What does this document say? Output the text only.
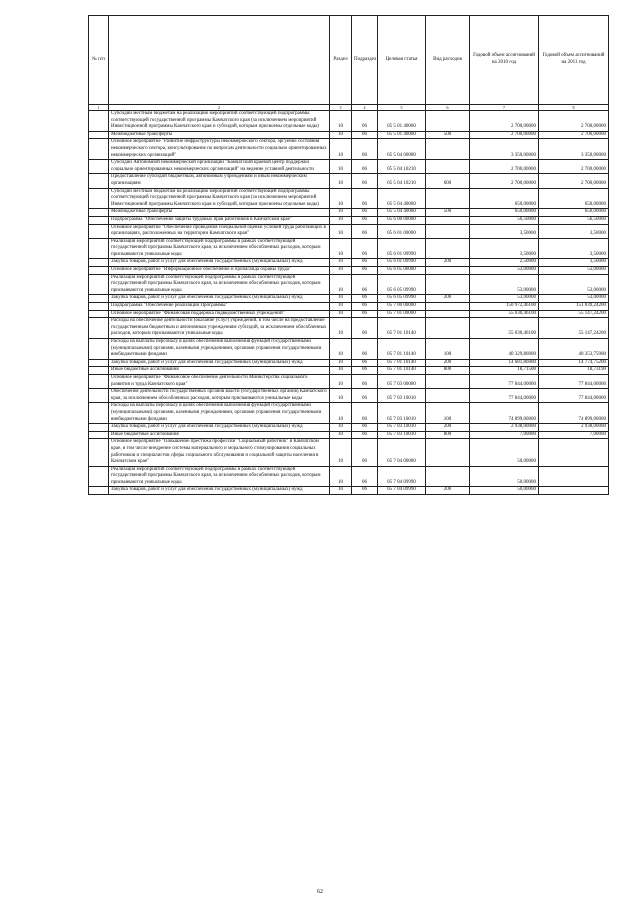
№ п/п		Раздел	Подраздел	Целевая статья	Вид расходов	Годовой объем ассигнований на 2010 год	Годовой объем ассигнований на 2011 год
1	2	3	4	5	6	7	8
	Субсидии местным бюджетам на реализацию мероприятий соответствующей подпрограммы соответствующей государственной программы Камчатского края (за исключением мероприятий Инвестиционной программы Камчатского края и субсидий, которым присвоены отдельные коды)	10	06	05 5 01 40060		2 700,00000	2 700,00000
	Межбюджетные трансферты	10	06	05 5 01 40060	500	2 700,00000	2 700,00000
	Основное мероприятие "Развитие инфраструктуры некоммерческого сектора, эргуе​ние состояния некоммерческого сектора, консультирование по вопросам деятельности социально ориентированных некоммерческих организаций"	10	06	05 5 04 00000		3 350,00000	3 350,00000
	Субсидии Автономной некоммерческой организации "Камчатский краевой центр поддержки социально ориентированных некоммерческих организаций" на ведение уставной деятельности	10	06	05 5 04 10210		2 700,00000	2 700,00000
	Предоставление субсидий бюджетным, автономным учреждениям и иным некоммерческим организациям	10	06	05 5 04 10210	600	2 700,00000	2 700,00000
	Субсидии местным бюджетам на реализацию мероприятий соответствующей подпрограммы соответствующей государственной программы Камчатского края (за исключением мероприятий Инвестиционной программы Камчатского края и субсидий, которым присвоены отдельные коды)	10	06	05 5 04 40060		650,00000	650,00000
	Межбюджетные трансферты	10	06	05 5 04 40060	500	650,00000	650,00000
	Подпрограмма "Обеспечение защиты трудовых прав работников в Камчатском крае"	10	06	05 6 00 00000		56,50000	56,50000
	Основное мероприятие "Обеспечение проведения специальной оценки условий труда работающих в организациях, расположенных на территории Камчатского края"	10	06	05 6 01 00000		3,50000	3,50000
	Реализация мероприятий соответствующей подпрограммы в рамках соответствующей государственной программы Камчатского края, за исключением обособленных расходов, которым присваиваются уникальные коды	10	06	05 6 01 09990		3,50000	3,50000
	Закупка товаров, работ и услуг для обеспечения государственных (муниципальных) нужд	10	06	05 6 01 09990	200	2,50000	3,50000
	Основное мероприятие "Информационное обеспечение и пропаганда охраны труда"	10	06	05 6 05 00000		53,00000	53,00000
	Реализация мероприятий соответствующей подпрограммы в рамках соответствующей государственной программы Камчатского края, за исключением обособленных расходов, которым присваиваются уникальные коды	10	06	05 6 05 09990		53,00000	53,00000
	Закупка товаров, работ и услуг для обеспечения государственных (муниципальных) нужд	10	06	05 6 05 09990	200	53,00000	53,00000
	Подпрограмма "Обеспечение реализации Программы"	10	06	05 7 00 00000		150 972,46100	151 039,24200
	Основное мероприятие "Финансовая поддержка подведомственных учреждений"	10	06	05 7 01 00000		55 030,46100	55 147,24200
	Расходы на обеспечение деятельности (оказание услуг) учреждений, в том числе на предоставление государственным бюджетным и автономным учреждениям субсидий, за исключением обособленных расходов, которым присваиваются уникальные коды	10	06	05 7 01 10140		55 030,46100	55 147,24200
	Расходы на выплаты персоналу в целях обеспечения выполнения функций государственными (муниципальными) органами, казенными учреждениями, органами управления государственными внебюджетными фондами	10	06	05 7 01 10140	100	40 329,86000	40 353,75900
	Закупка товаров, работ и услуг для обеспечения государственных (муниципальных) нужд	10	06	05 7 01 10140	200	14 681,86000	14 774,75200
	Иные бюджетные ассигнования	10	06	05 7 01 10140	800	18,71500	18,73190
	Основное мероприятие "Финансовое обеспечение деятельности Министерства социального развития и труда Камчатского края"	10	06	05 7 03 00000		77 844,00000	77 844,00000
	Обеспечение деятельности государственных органов власти (государственных органов) Камчатского края, за исключением обособленных расходов, которым присваиваются уникальные коды	10	06	05 7 03 10010		77 844,00000	77 844,00000
	Расходы на выплаты персоналу в целях обеспечения выполнения функций государственными (муниципальными) органами, казенными учреждениями, органами управления государственными внебюджетными фондами	10	06	05 7 03 10010	100	74 899,00000	74 899,00000
	Закупка товаров, работ и услуг для обеспечения государственных (муниципальных) нужд	10	06	05 7 03 10010	200	2 938,00000	2 938,00000
	Иные бюджетные ассигнования	10	06	05 7 03 10010	800	7,00000	7,00000
	Основное мероприятие "Повышение престижа профессии "Социальный работник" в Камчатском крае, в том числе внедрение системы материального и морального стимулирования социальных работников и специалистов сферы социального обслуживания и социальной защиты населения в Камчатском крае"	10	06	05 7 04 00000		50,00000	
	Реализация мероприятий соответствующей подпрограммы в рамках соответствующей государственной программы Камчатского края, за исключением обособленных расходов, которым присваиваются уникальные коды	10	06	05 7 04 09990		50,00000	
	Закупка товаров, работ и услуг для обеспечения государственных (муниципальных) нужд	10	06	05 7 04 09990	200	50,00000	
62
